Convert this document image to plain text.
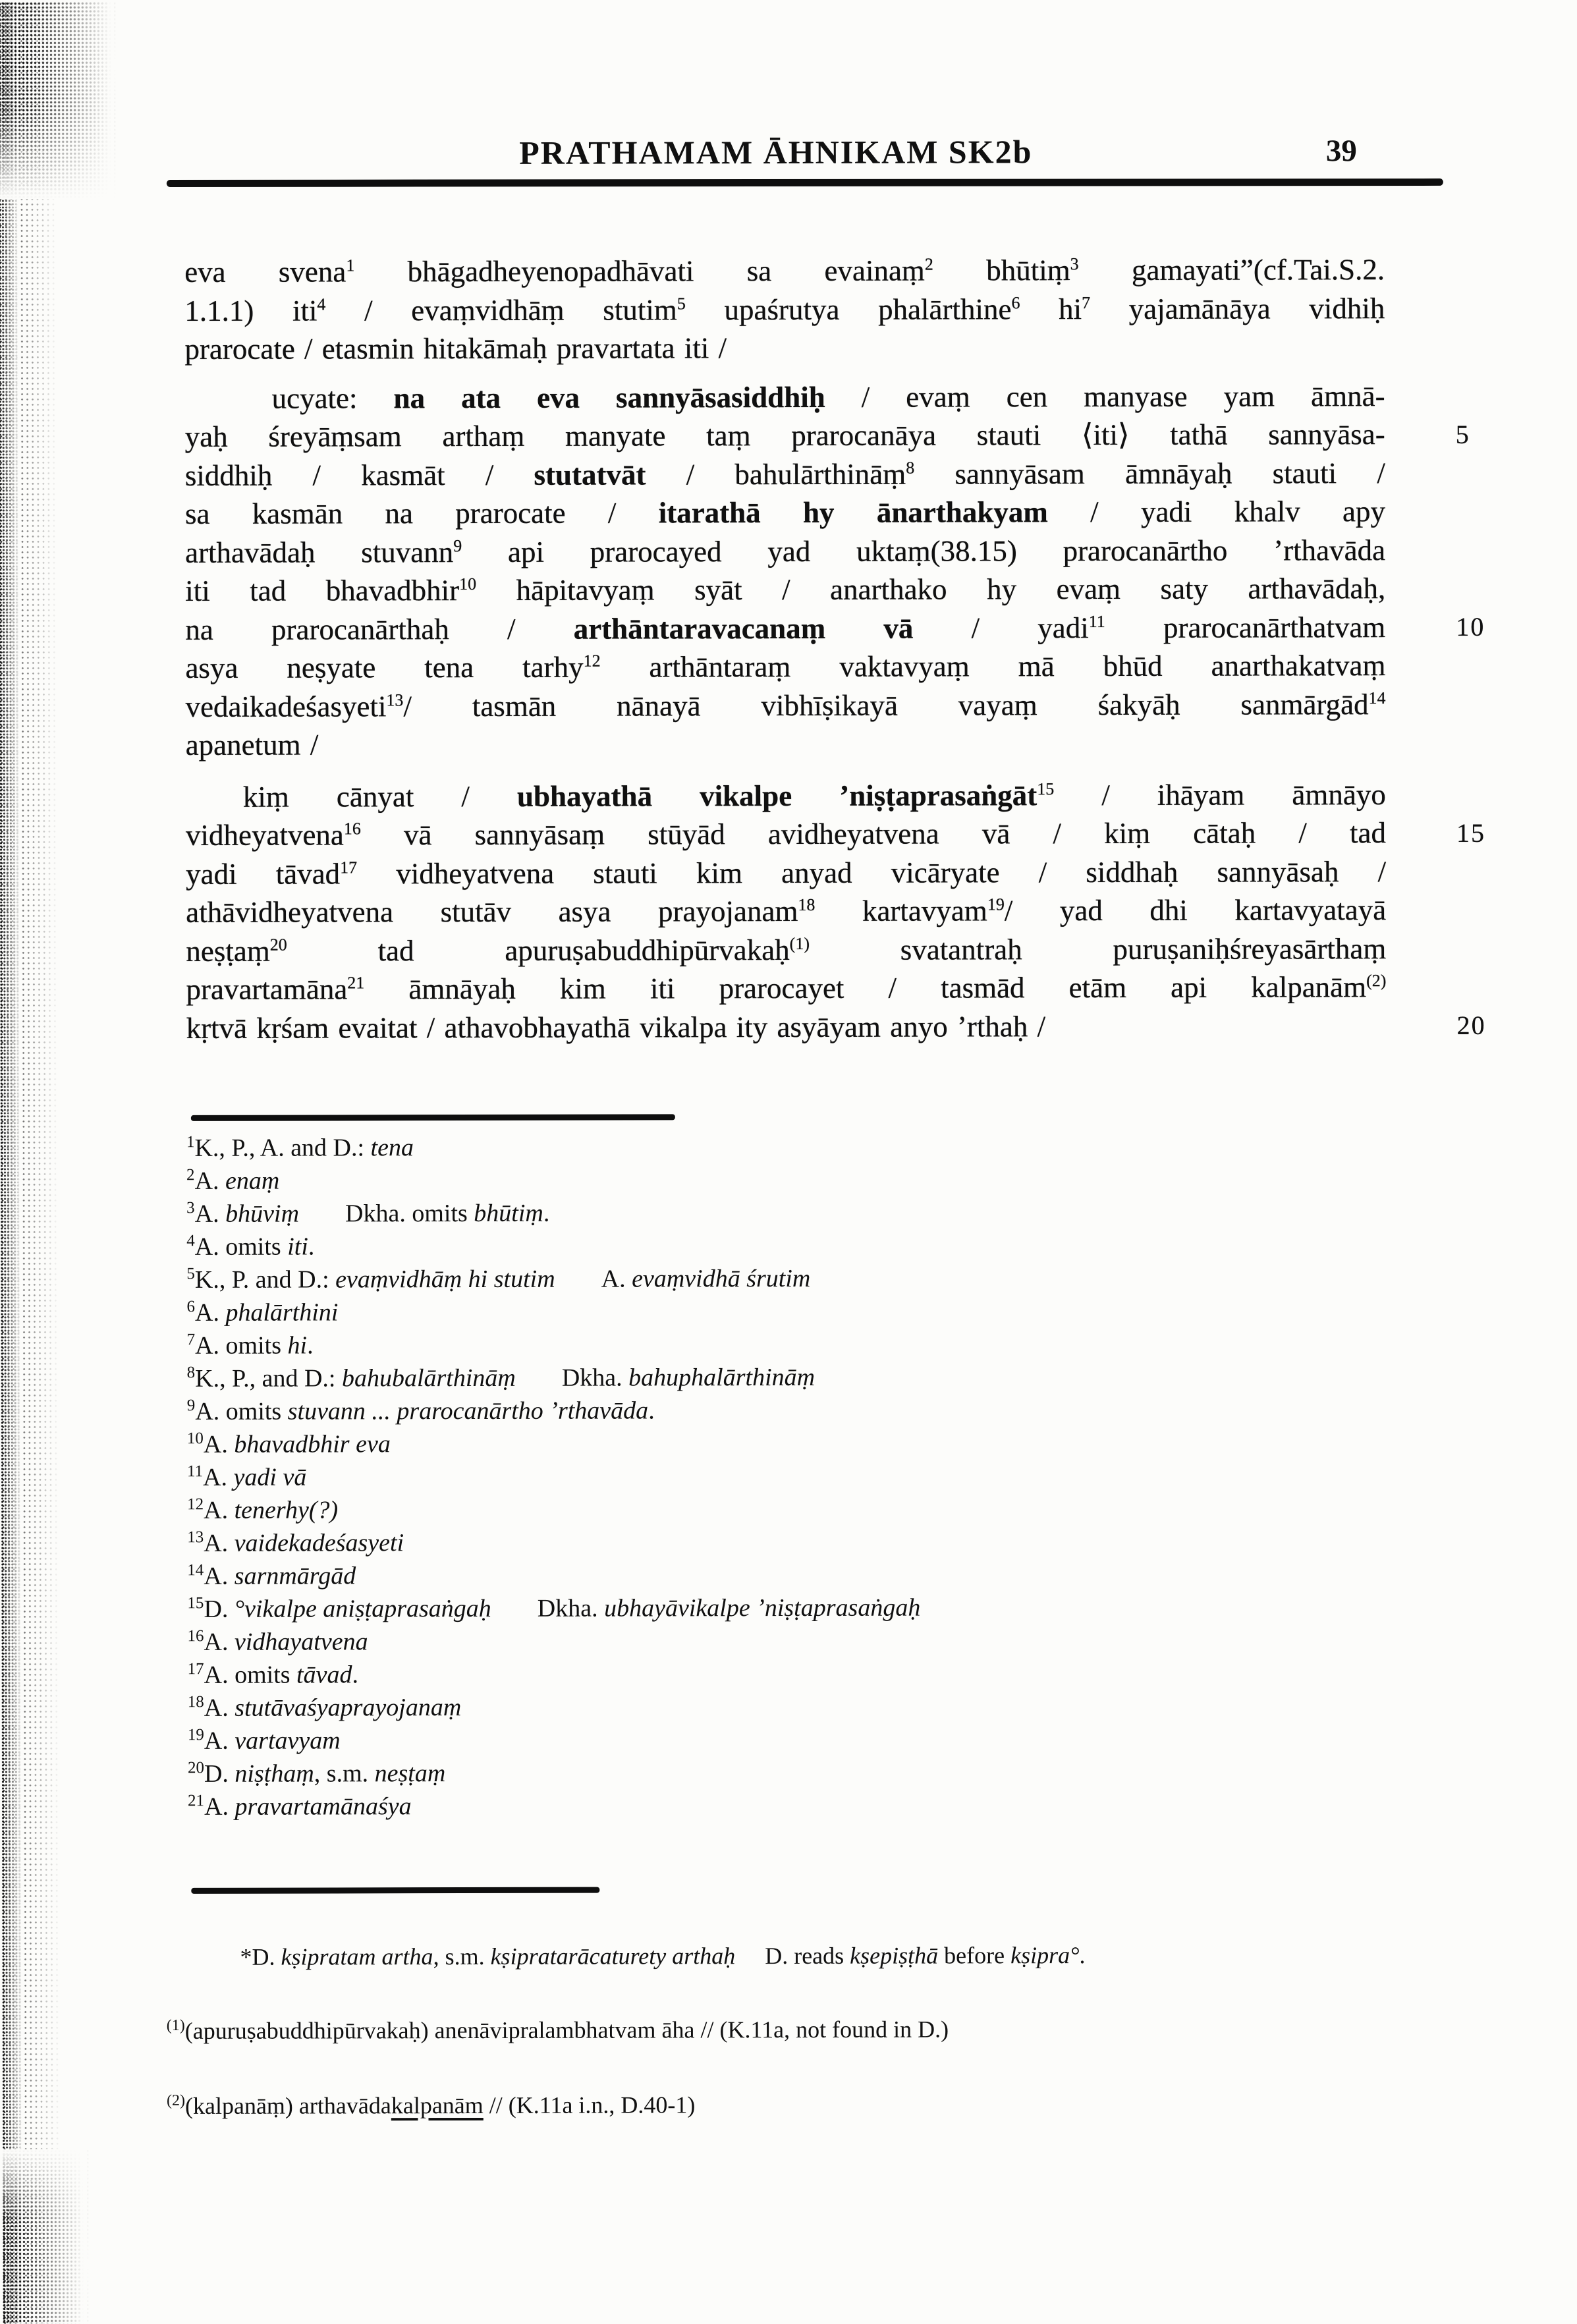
PRATHAMAM ĀHNIKAM SK2b	39
eva svena$^1$ bhāgadheyenopadhāvati sa evainaṃ$^2$ bhūtiṃ$^3$ gamayati”(cf.Tai.S.2.
1.1.1) iti$^4$ / evaṃvidhāṃ stutim$^5$ upaśrutya phalārthine$^6$ $hi^7$ yajamānāya vidhiḥ
prarocate / etasmin hitakāmaḥ pravartata iti /
ucyate: na ata eva sannyāsasiddhiḥ / evaṃ cen manyase yam āmnā-
yaḥ śreyāṃsam arthaṃ manyate taṃ prarocanāya stauti ⟨iti⟩ tathā sannyāsa-
siddhiḥ / kasmāt / stutatvāt / bahulārthināṃ$^8$ sannyāsam āmnāyaḥ stauti /
sa kasmān na prarocate / itarathā hy ānarthakyam / yadi khalv apy
arthavādaḥ stuvann$^9$ api prarocayed yad uktaṃ(38.15) prarocanārtho ’rthavāda
iti tad bhavadbhir$^{10}$ hāpitavyaṃ syāt / anarthako hy evaṃ saty arthavādaḥ,
na prarocanārthaḥ / arthāntaravacanaṃ vā / yadi$^{11}$ prarocanārthatvam
asya neṣyate tena tarhy$^{12}$ arthāntaraṃ vaktavyaṃ mā bhūd anarthakatvaṃ
vedaikadeśasyeti$^{13}$/ tasmān nānayā vibhīṣikayā vayaṃ śakyāḥ sanmārgād$^{14}$
apanetum /
kiṃ cānyat / ubhayathā vikalpe ’niṣṭaprasaṅgāt$^{15}$ / ihāyam āmnāyo
vidheyatvena$^{16}$ vā sannyāsaṃ stūyād avidheyatvena vā / kiṃ cātaḥ / tad
yadi tāvad$^{17}$ vidheyatvena stauti kim anyad vicāryate / siddhaḥ sannyāsaḥ /
athāvidheyatvena stutāv asya prayojanam$^{18}$ kartavyam$^{19}$/ yad dhi kartavyatayā
neṣṭaṃ$^{20}$ tad apuruṣabuddhipūrvakaḥ$^{(1)}$ svatantraḥ puruṣaniḥśreyasārthaṃ
pravartamāna$^{21}$ āmnāyaḥ kim iti prarocayet / tasmād etām api kalpanām$^{(2)}$
kṛtvā kṛśam evaitat / athavobhayathā vikalpa ity asyāyam anyo ’rthaḥ /
5
10
15
20
$^1$K., P., A. and D.: tena
$^2$A. enaṃ
$^3$A. bhūviṃ Dkha. omits bhūtiṃ.
$^4$A. omits iti.
$^5$K., P. and D.: evaṃvidhāṃ hi stutim A. evaṃvidhā śrutim
$^6$A. phalārthini
$^7$A. omits hi.
$^8$K., P., and D.: bahubalārthināṃ Dkha. bahuphalārthināṃ
$^9$A. omits stuvann ... prarocanārtho ’rthavāda.
$^{10}$A. bhavadbhir eva
$^{11}$A. yadi vā
$^{12}$A. tenerhy(?)
$^{13}$A. vaidekadeśasyeti
$^{14}$A. sarnmārgād
$^{15}$D. °vikalpe aniṣṭaprasaṅgaḥ Dkha. ubhayāvikalpe ’niṣṭaprasaṅgaḥ
$^{16}$A. vidhayatvena
$^{17}$A. omits tāvad.
$^{18}$A. stutāvaśyaprayojanaṃ
$^{19}$A. vartavyam
$^{20}$D. niṣṭhaṃ, s.m. neṣṭaṃ
$^{21}$A. pravartamānaśya
*D. kṣipratam artha, s.m. kṣipratarācaturety arthaḥ D. reads kṣepiṣṭhā before kṣipra°.
$^{(1)}$(apuruṣabuddhipūrvakaḥ) anenāvipralambhatvam āha // (K.11a, not found in D.)
$^{(2)}$(kalpanāṃ) arthavādakalpanām // (K.11a i.n., D.40-1)
